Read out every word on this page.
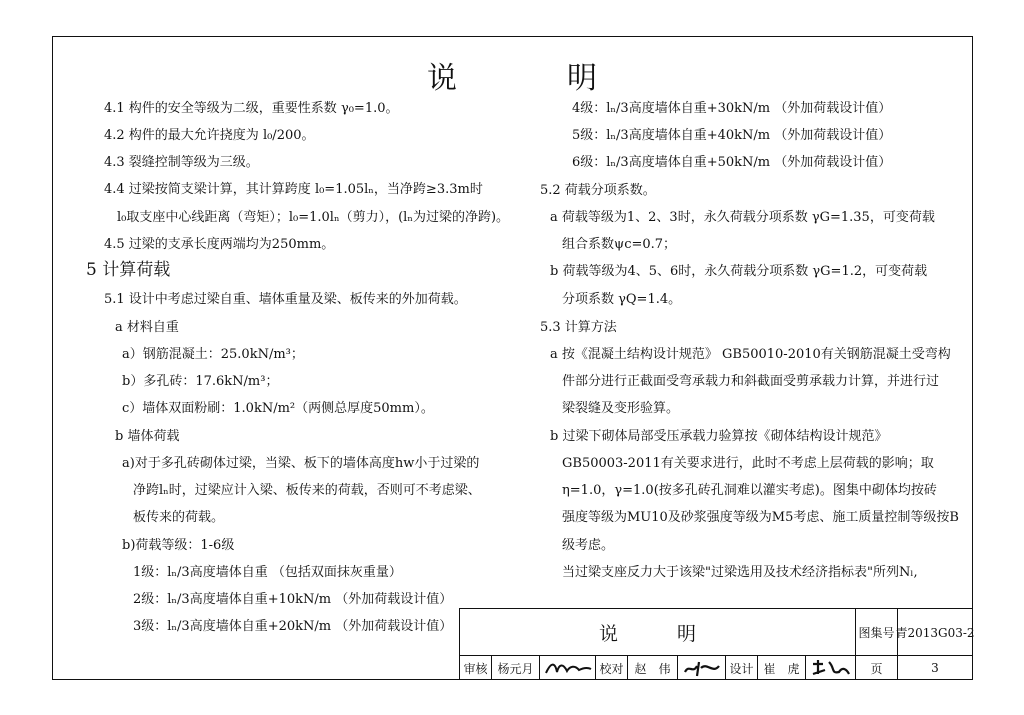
说　明
4.1 构件的安全等级为二级，重要性系数 γ₀=1.0。
4.2 构件的最大允许挠度为 l₀/200。
4.3 裂缝控制等级为三级。
4.4 过梁按简支梁计算，其计算跨度 l₀=1.05lₙ，当净跨≥3.3m时
l₀取支座中心线距离（弯矩）；l₀=1.0lₙ（剪力），(lₙ为过梁的净跨)。
4.5 过梁的支承长度两端均为250mm。
5 计算荷载
5.1 设计中考虑过梁自重、墙体重量及梁、板传来的外加荷载。
a 材料自重
a）钢筋混凝土：25.0kN/m³；
b）多孔砖：17.6kN/m³；
c）墙体双面粉刷：1.0kN/m²（两侧总厚度50mm）。
b 墙体荷载
a)对于多孔砖砌体过梁，当梁、板下的墙体高度hw小于过梁的
净跨lₙ时，过梁应计入梁、板传来的荷载，否则可不考虑梁、
板传来的荷载。
b)荷载等级：1-6级
1级：lₙ/3高度墙体自重 （包括双面抹灰重量）
2级：lₙ/3高度墙体自重+10kN/m （外加荷载设计值）
3级：lₙ/3高度墙体自重+20kN/m （外加荷载设计值）
4级：lₙ/3高度墙体自重+30kN/m （外加荷载设计值）
5级：lₙ/3高度墙体自重+40kN/m （外加荷载设计值）
6级：lₙ/3高度墙体自重+50kN/m （外加荷载设计值）
5.2 荷载分项系数。
a 荷载等级为1、2、3时，永久荷载分项系数 γG=1.35，可变荷载
组合系数ψc=0.7；
b 荷载等级为4、5、6时，永久荷载分项系数 γG=1.2，可变荷载
分项系数 γQ=1.4。
5.3 计算方法
a 按《混凝土结构设计规范》 GB50010-2010有关钢筋混凝土受弯构
件部分进行正截面受弯承载力和斜截面受剪承载力计算，并进行过
梁裂缝及变形验算。
b 过梁下砌体局部受压承载力验算按《砌体结构设计规范》
GB50003-2011有关要求进行，此时不考虑上层荷载的影响；取
η=1.0，γ=1.0(按多孔砖孔洞难以灌实考虑)。图集中砌体均按砖
强度等级为MU10及砂浆强度等级为M5考虑、施工质量控制等级按B
级考虑。
当过梁支座反力大于该梁"过梁选用及技术经济指标表"所列Nₗ,
说　明	图集号 青2013G03-2
审核 杨元月	校对 赵　伟	设计 崔　虎	页	3
